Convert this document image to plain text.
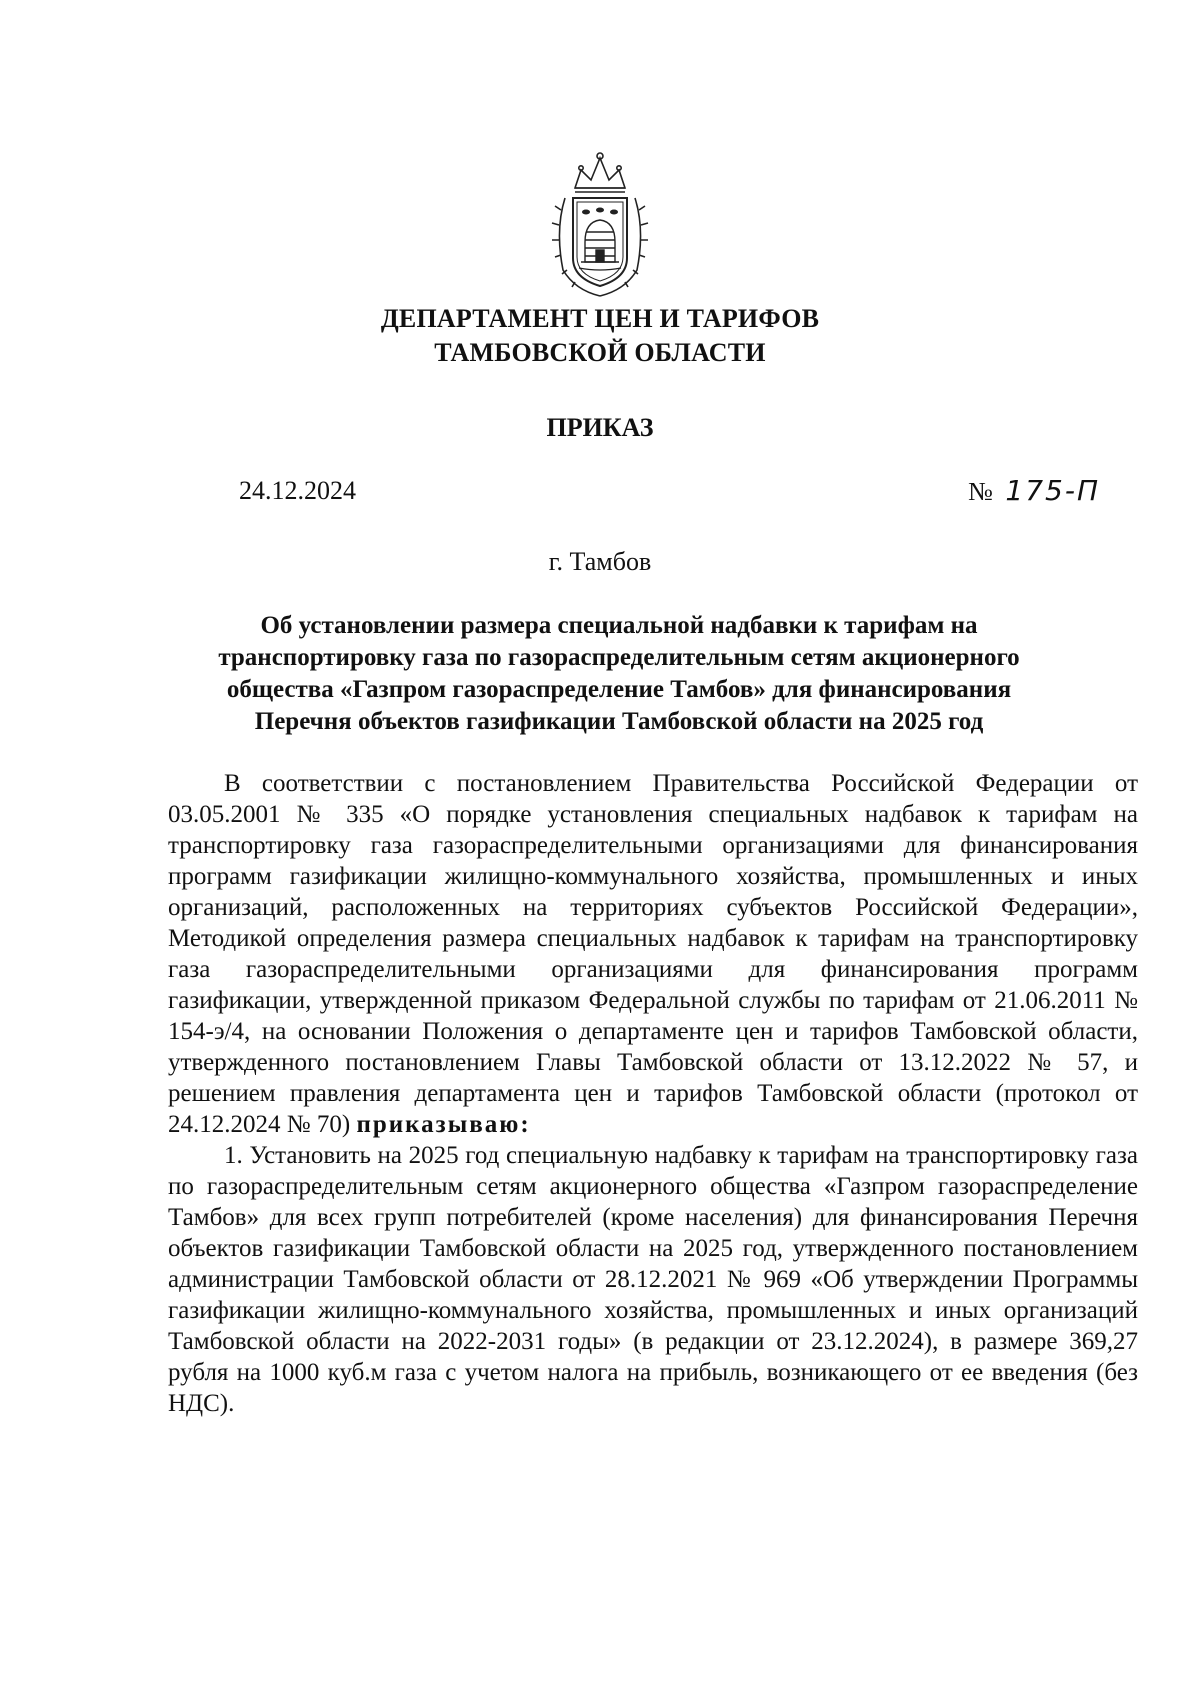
ДЕПАРТАМЕНТ ЦЕН И ТАРИФОВ
ТАМБОВСКОЙ ОБЛАСТИ
ПРИКАЗ
24.12.2024	№ 175-П
г. Тамбов
Об установлении размера специальной надбавки к тарифам на
транспортировку газа по газораспределительным сетям акционерного
общества «Газпром газораспределение Тамбов» для финансирования
Перечня объектов газификации Тамбовской области на 2025 год

В соответствии с постановлением Правительства Российской Федерации от 03.05.2001 № 335 «О порядке установления специальных надбавок к тарифам на транспортировку газа газораспределительными организациями для финансирования программ газификации жилищно-коммунального хозяйства, промышленных и иных организаций, расположенных на территориях субъектов Российской Федерации», Методикой определения размера специальных надбавок к тарифам на транспортировку газа газораспределительными организациями для финансирования программ газификации, утвержденной приказом Федеральной службы по тарифам от 21.06.2011 № 154-э/4, на основании Положения о департаменте цен и тарифов Тамбовской области, утвержденного постановлением Главы Тамбовской области от 13.12.2022 № 57, и решением правления департамента цен и тарифов Тамбовской области (протокол от 24.12.2024 № 70) приказываю:

1. Установить на 2025 год специальную надбавку к тарифам на транспортировку газа по газораспределительным сетям акционерного общества «Газпром газораспределение Тамбов» для всех групп потребителей (кроме населения) для финансирования Перечня объектов газификации Тамбовской области на 2025 год, утвержденного постановлением администрации Тамбовской области от 28.12.2021 № 969 «Об утверждении Программы газификации жилищно-коммунального хозяйства, промышленных и иных организаций Тамбовской области на 2022-2031 годы» (в редакции от 23.12.2024), в размере 369,27 рубля на 1000 куб.м газа с учетом налога на прибыль, возникающего от ее введения (без НДС).
